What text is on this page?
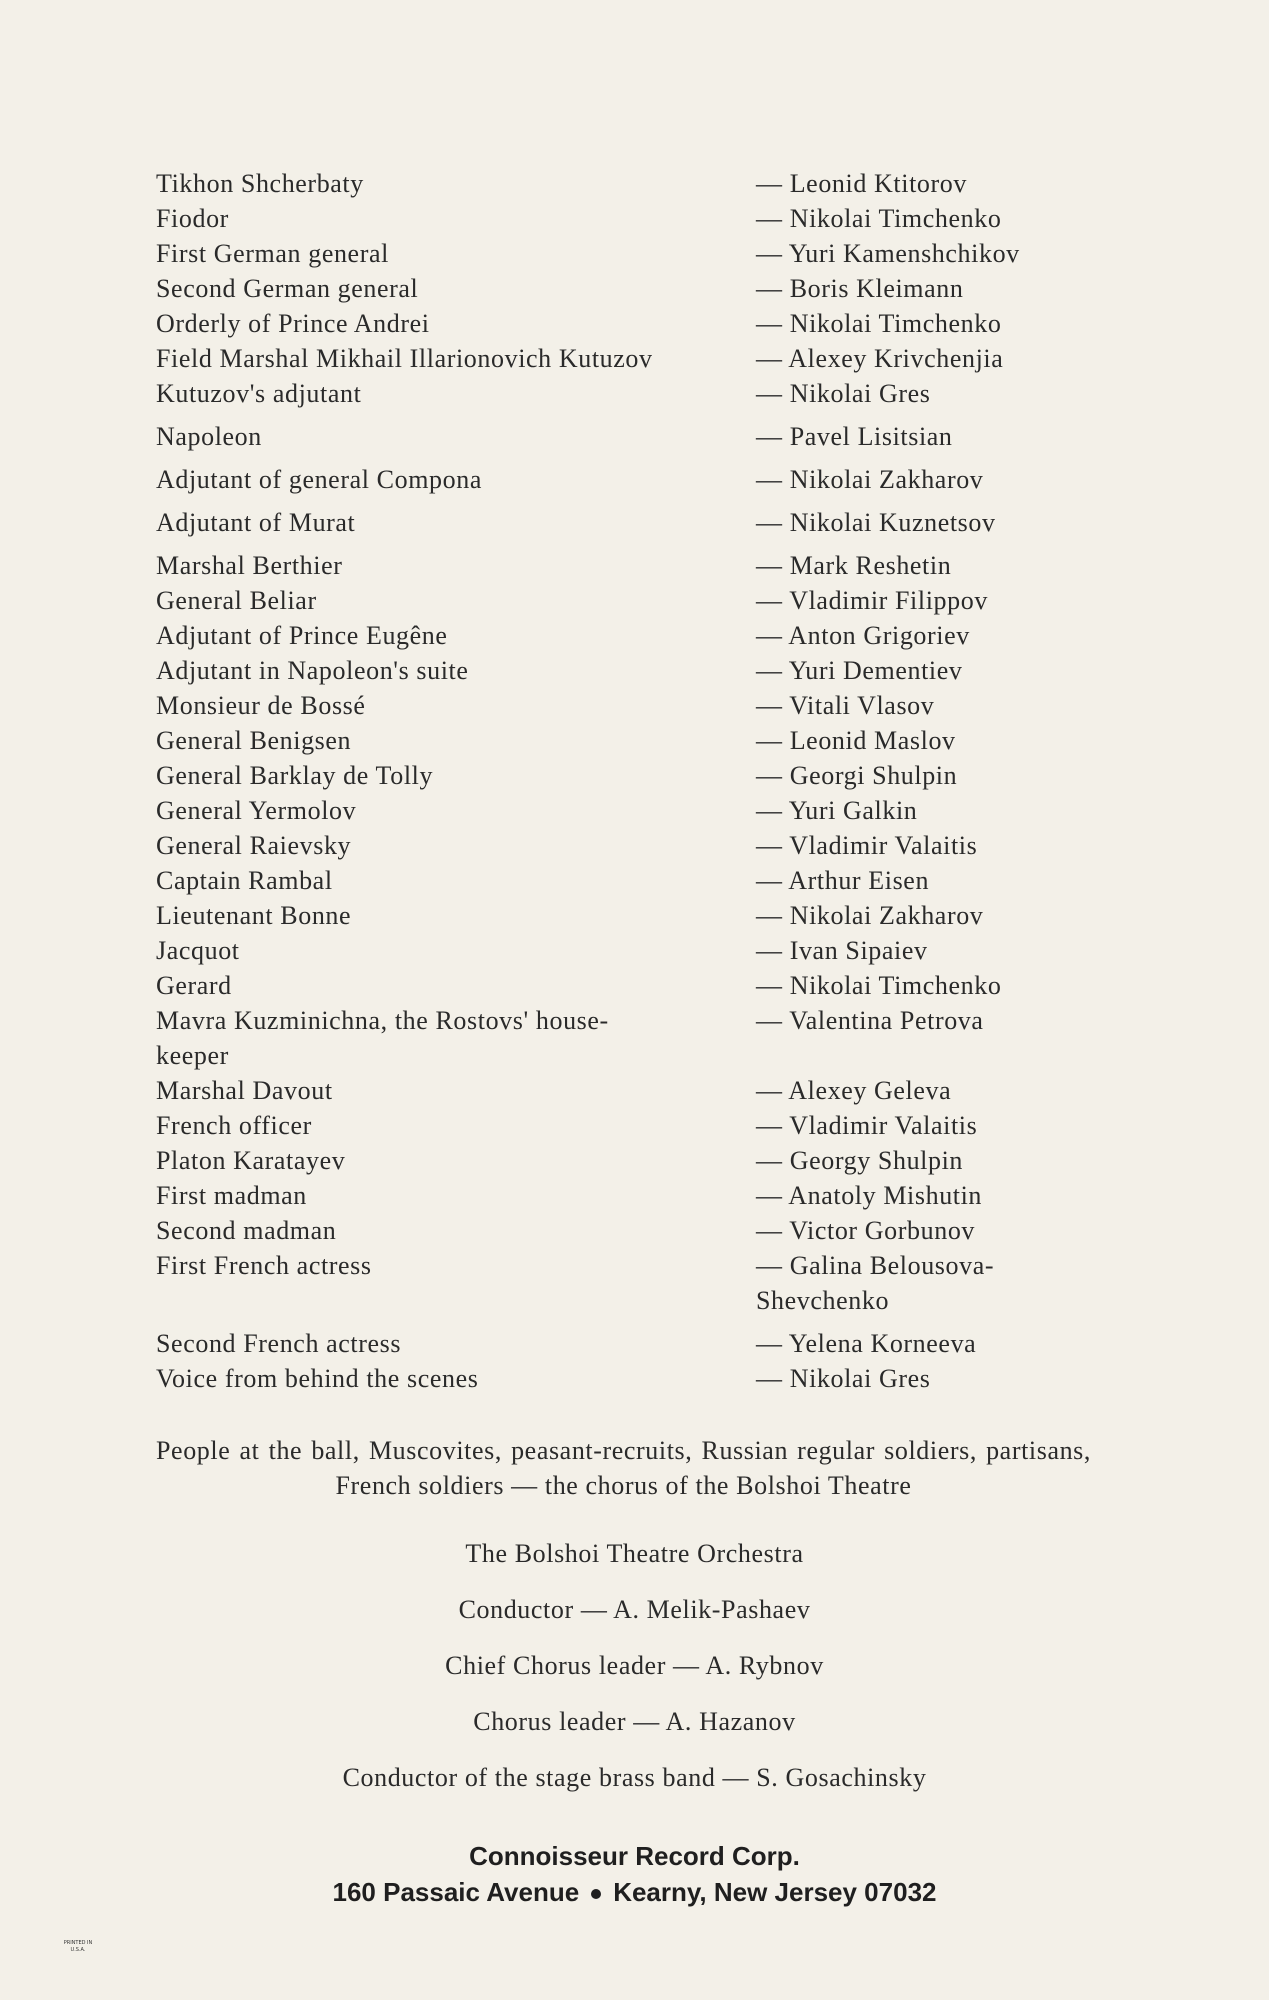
Tikhon Shcherbaty	— Leonid Ktitorov
Fiodor	— Nikolai Timchenko
First German general	— Yuri Kamenshchikov
Second German general	— Boris Kleimann
Orderly of Prince Andrei	— Nikolai Timchenko
Field Marshal Mikhail Illarionovich Kutuzov	— Alexey Krivchenjia
Kutuzov's adjutant	— Nikolai Gres
Napoleon	— Pavel Lisitsian
Adjutant of general Compona	— Nikolai Zakharov
Adjutant of Murat	— Nikolai Kuznetsov
Marshal Berthier	— Mark Reshetin
General Beliar	— Vladimir Filippov
Adjutant of Prince Eugêne	— Anton Grigoriev
Adjutant in Napoleon's suite	— Yuri Dementiev
Monsieur de Bossé	— Vitali Vlasov
General Benigsen	— Leonid Maslov
General Barklay de Tolly	— Georgi Shulpin
General Yermolov	— Yuri Galkin
General Raievsky	— Vladimir Valaitis
Captain Rambal	— Arthur Eisen
Lieutenant Bonne	— Nikolai Zakharov
Jacquot	— Ivan Sipaiev
Gerard	— Nikolai Timchenko
Mavra Kuzminichna, the Rostovs' house-
keeper
— Valentina Petrova
Marshal Davout	— Alexey Geleva
French officer	— Vladimir Valaitis
Platon Karatayev	— Georgy Shulpin
First madman	— Anatoly Mishutin
Second madman	— Victor Gorbunov
First French actress	— Galina Belousova-
Shevchenko
Second French actress	— Yelena Korneeva
Voice from behind the scenes	— Nikolai Gres

People at the ball, Muscovites, peasant-recruits, Russian regular soldiers, partisans, French soldiers — the chorus of the Bolshoi Theatre

The Bolshoi Theatre Orchestra
Conductor — A. Melik-Pashaev
Chief Chorus leader — A. Rybnov
Chorus leader — A. Hazanov
Conductor of the stage brass band — S. Gosachinsky
Connoisseur Record Corp.
160 Passaic Avenue Kearny, New Jersey 07032
PRINTED IN U.S.A.
